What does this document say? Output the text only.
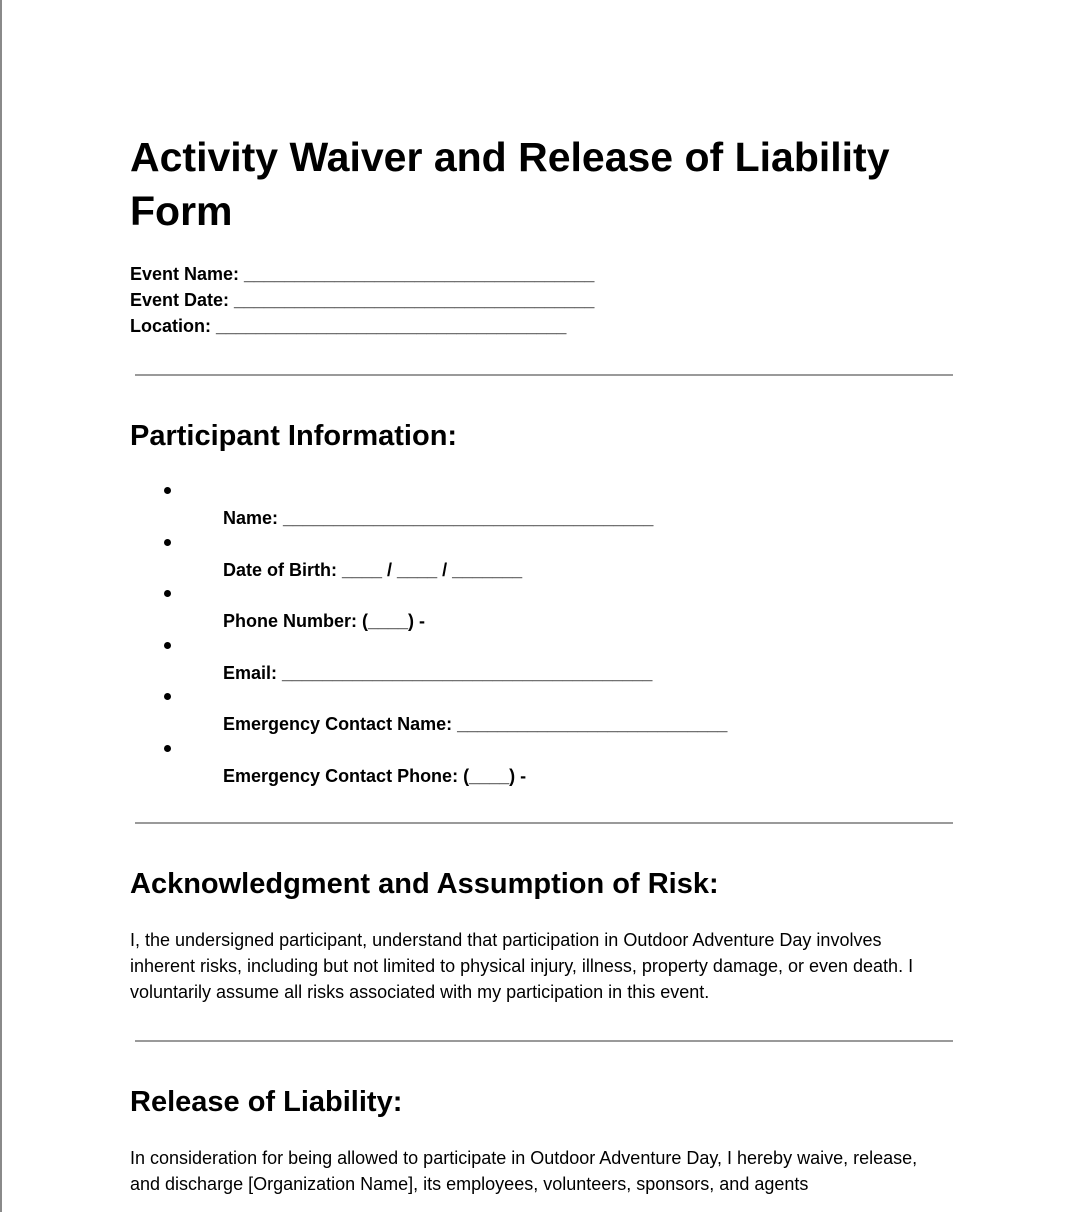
Activity Waiver and Release of Liability Form
Event Name: ___________________________________
Event Date: ____________________________________
Location: ___________________________________
Participant Information:

Name: _____________________________________

Date of Birth: ____ / ____ / _______

Phone Number: (____) -

Email: _____________________________________

Emergency Contact Name: ___________________________

Emergency Contact Phone: (____) -

Acknowledgment and Assumption of Risk:

I, the undersigned participant, understand that participation in Outdoor Adventure Day involves inherent risks, including but not limited to physical injury, illness, property damage, or even death. I voluntarily assume all risks associated with my participation in this event.

Release of Liability:

In consideration for being allowed to participate in Outdoor Adventure Day, I hereby waive, release, and discharge [Organization Name], its employees, volunteers, sponsors, and agents
